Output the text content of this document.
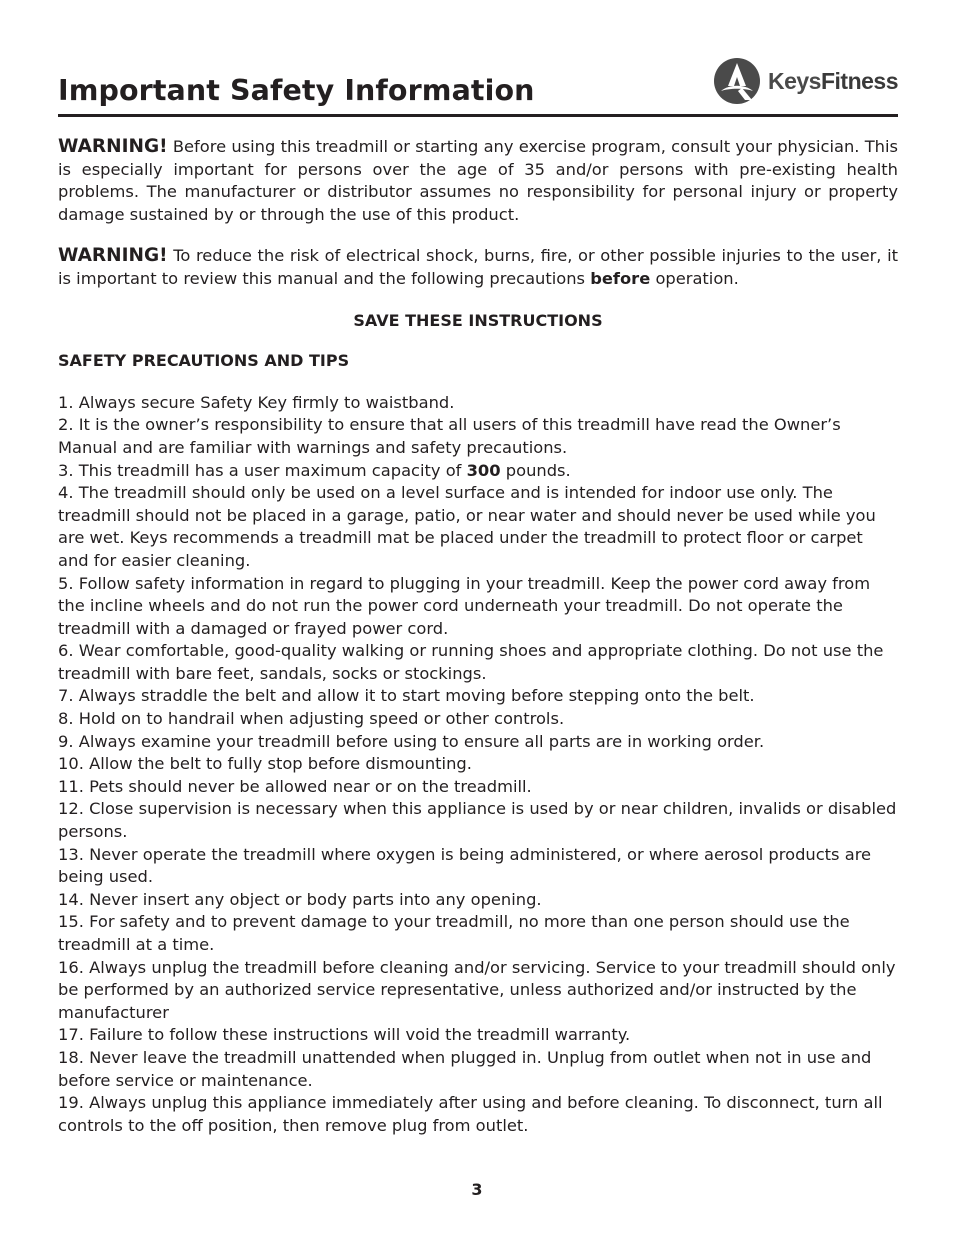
Important Safety Information	KeysFitness

WARNING! Before using this treadmill or starting any exercise program, consult your physician. This is especially important for persons over the age of 35 and/or persons with pre-existing health problems. The manufacturer or distributor assumes no responsibility for personal injury or property damage sustained by or through the use of this product.

WARNING! To reduce the risk of electrical shock, burns, fire, or other possible injuries to the user, it is important to review this manual and the following precautions before operation.

SAVE THESE INSTRUCTIONS

SAFETY PRECAUTIONS AND TIPS

1. Always secure Safety Key firmly to waistband.
2. It is the owner’s responsibility to ensure that all users of this treadmill have read the Owner’s Manual and are familiar with warnings and safety precautions.
3. This treadmill has a user maximum capacity of 300 pounds.
4. The treadmill should only be used on a level surface and is intended for indoor use only. The treadmill should not be placed in a garage, patio, or near water and should never be used while you are wet. Keys recommends a treadmill mat be placed under the treadmill to protect floor or carpet and for easier cleaning.
5. Follow safety information in regard to plugging in your treadmill. Keep the power cord away from the incline wheels and do not run the power cord underneath your treadmill. Do not operate the treadmill with a damaged or frayed power cord.
6. Wear comfortable, good-quality walking or running shoes and appropriate clothing. Do not use the treadmill with bare feet, sandals, socks or stockings.
7. Always straddle the belt and allow it to start moving before stepping onto the belt.
8. Hold on to handrail when adjusting speed or other controls.
9. Always examine your treadmill before using to ensure all parts are in working order.
10. Allow the belt to fully stop before dismounting.
11. Pets should never be allowed near or on the treadmill.
12. Close supervision is necessary when this appliance is used by or near children, invalids or disabled persons.
13. Never operate the treadmill where oxygen is being administered, or where aerosol products are being used.
14. Never insert any object or body parts into any opening.
15. For safety and to prevent damage to your treadmill, no more than one person should use the treadmill at a time.
16. Always unplug the treadmill before cleaning and/or servicing. Service to your treadmill should only be performed by an authorized service representative, unless authorized and/or instructed by the manufacturer
17. Failure to follow these instructions will void the treadmill warranty.
18. Never leave the treadmill unattended when plugged in. Unplug from outlet when not in use and before service or maintenance.
19. Always unplug this appliance immediately after using and before cleaning. To disconnect, turn all controls to the off position, then remove plug from outlet.
3
